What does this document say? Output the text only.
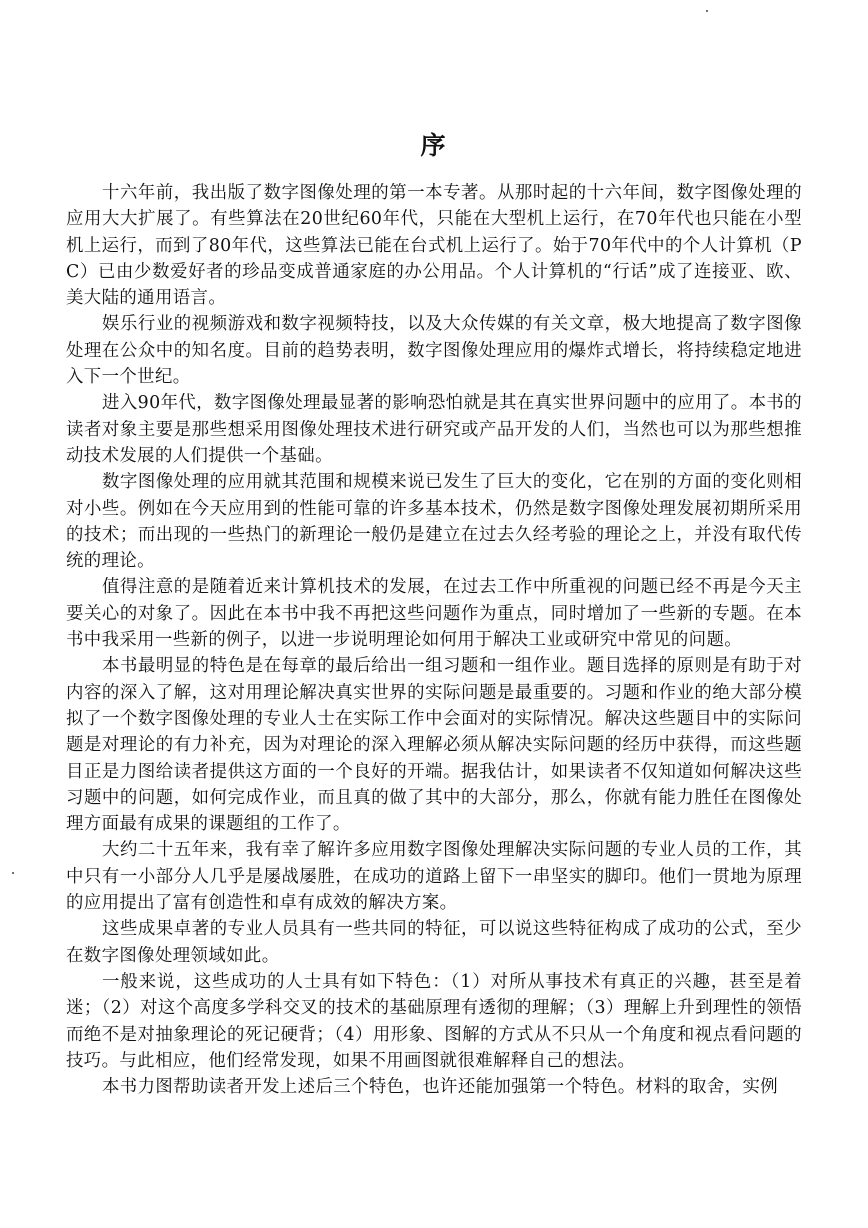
序

十六年前，我出版了数字图像处理的第一本专著。从那时起的十六年间，数字图像处理的应用大大扩展了。有些算法在20世纪60年代，只能在大型机上运行，在70年代也只能在小型机上运行，而到了80年代，这些算法已能在台式机上运行了。始于70年代中的个人计算机（PC）已由少数爱好者的珍品变成普通家庭的办公用品。个人计算机的“行话”成了连接亚、欧、美大陆的通用语言。

娱乐行业的视频游戏和数字视频特技，以及大众传媒的有关文章，极大地提高了数字图像处理在公众中的知名度。目前的趋势表明，数字图像处理应用的爆炸式增长，将持续稳定地进入下一个世纪。

进入90年代，数字图像处理最显著的影响恐怕就是其在真实世界问题中的应用了。本书的读者对象主要是那些想采用图像处理技术进行研究或产品开发的人们，当然也可以为那些想推动技术发展的人们提供一个基础。

数字图像处理的应用就其范围和规模来说已发生了巨大的变化，它在别的方面的变化则相对小些。例如在今天应用到的性能可靠的许多基本技术，仍然是数字图像处理发展初期所采用的技术；而出现的一些热门的新理论一般仍是建立在过去久经考验的理论之上，并没有取代传统的理论。

值得注意的是随着近来计算机技术的发展，在过去工作中所重视的问题已经不再是今天主要关心的对象了。因此在本书中我不再把这些问题作为重点，同时增加了一些新的专题。在本书中我采用一些新的例子，以进一步说明理论如何用于解决工业或研究中常见的问题。

本书最明显的特色是在每章的最后给出一组习题和一组作业。题目选择的原则是有助于对内容的深入了解，这对用理论解决真实世界的实际问题是最重要的。习题和作业的绝大部分模拟了一个数字图像处理的专业人士在实际工作中会面对的实际情况。解决这些题目中的实际问题是对理论的有力补充，因为对理论的深入理解必须从解决实际问题的经历中获得，而这些题目正是力图给读者提供这方面的一个良好的开端。据我估计，如果读者不仅知道如何解决这些习题中的问题，如何完成作业，而且真的做了其中的大部分，那么，你就有能力胜任在图像处理方面最有成果的课题组的工作了。

大约二十五年来，我有幸了解许多应用数字图像处理解决实际问题的专业人员的工作，其中只有一小部分人几乎是屡战屡胜，在成功的道路上留下一串坚实的脚印。他们一贯地为原理的应用提出了富有创造性和卓有成效的解决方案。

这些成果卓著的专业人员具有一些共同的特征，可以说这些特征构成了成功的公式，至少在数字图像处理领域如此。

一般来说，这些成功的人士具有如下特色：（1）对所从事技术有真正的兴趣，甚至是着迷；（2）对这个高度多学科交叉的技术的基础原理有透彻的理解；（3）理解上升到理性的领悟而绝不是对抽象理论的死记硬背；（4）用形象、图解的方式从不只从一个角度和视点看问题的技巧。与此相应，他们经常发现，如果不用画图就很难解释自己的想法。

本书力图帮助读者开发上述后三个特色，也许还能加强第一个特色。材料的取舍，实例
